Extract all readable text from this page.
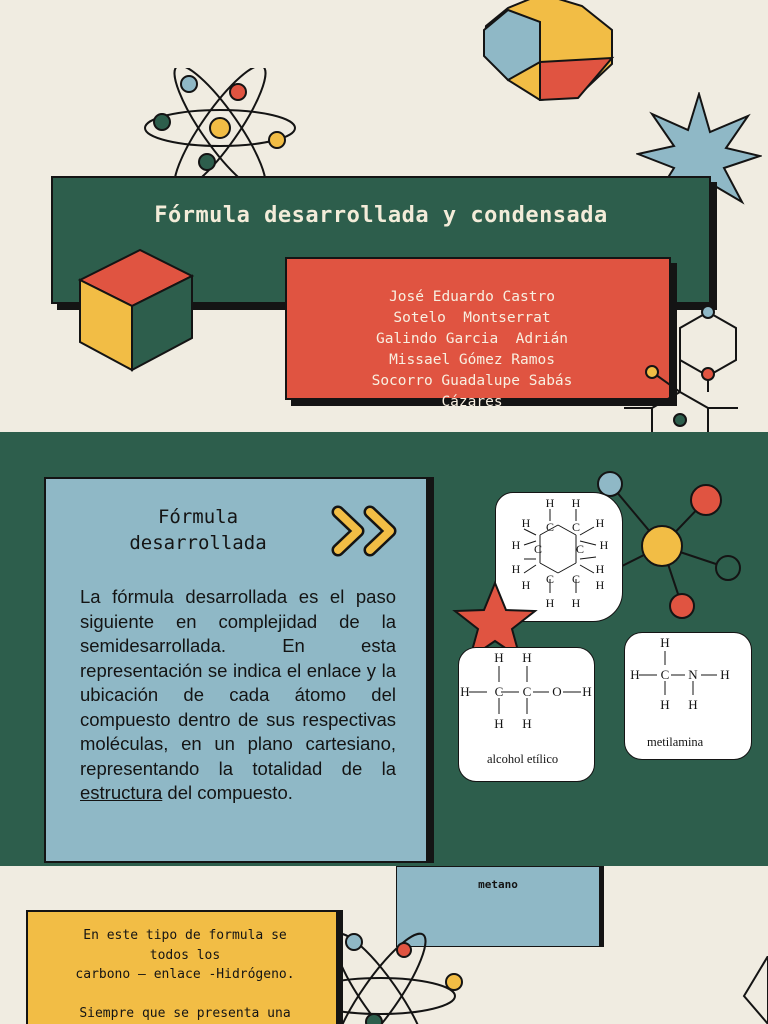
Fórmula desarrollada y condensada
José Eduardo Castro
Sotelo  Montserrat
Galindo Garcia  Adrián
Missael Gómez Ramos
Socorro Guadalupe Sabás
Cázares
Fórmula
desarrollada
La fórmula desarrollada es el paso siguiente en complejidad de la semidesarrollada. En esta representación se indica el enlace y la ubicación de cada átomo del compuesto dentro de sus respectivas moléculas, en un plano cartesiano, representando la totalidad de la estructura del compuesto.
H H
H C C H
H C	C H
H	H
C C
H	H
H H
H H
H C C O H
H H
alcohol etílico
H
H C N H
H H
metilamina
metano
En este tipo de formula se
todos los
carbono – enlace -Hidrógeno.
Siempre que se presenta una
